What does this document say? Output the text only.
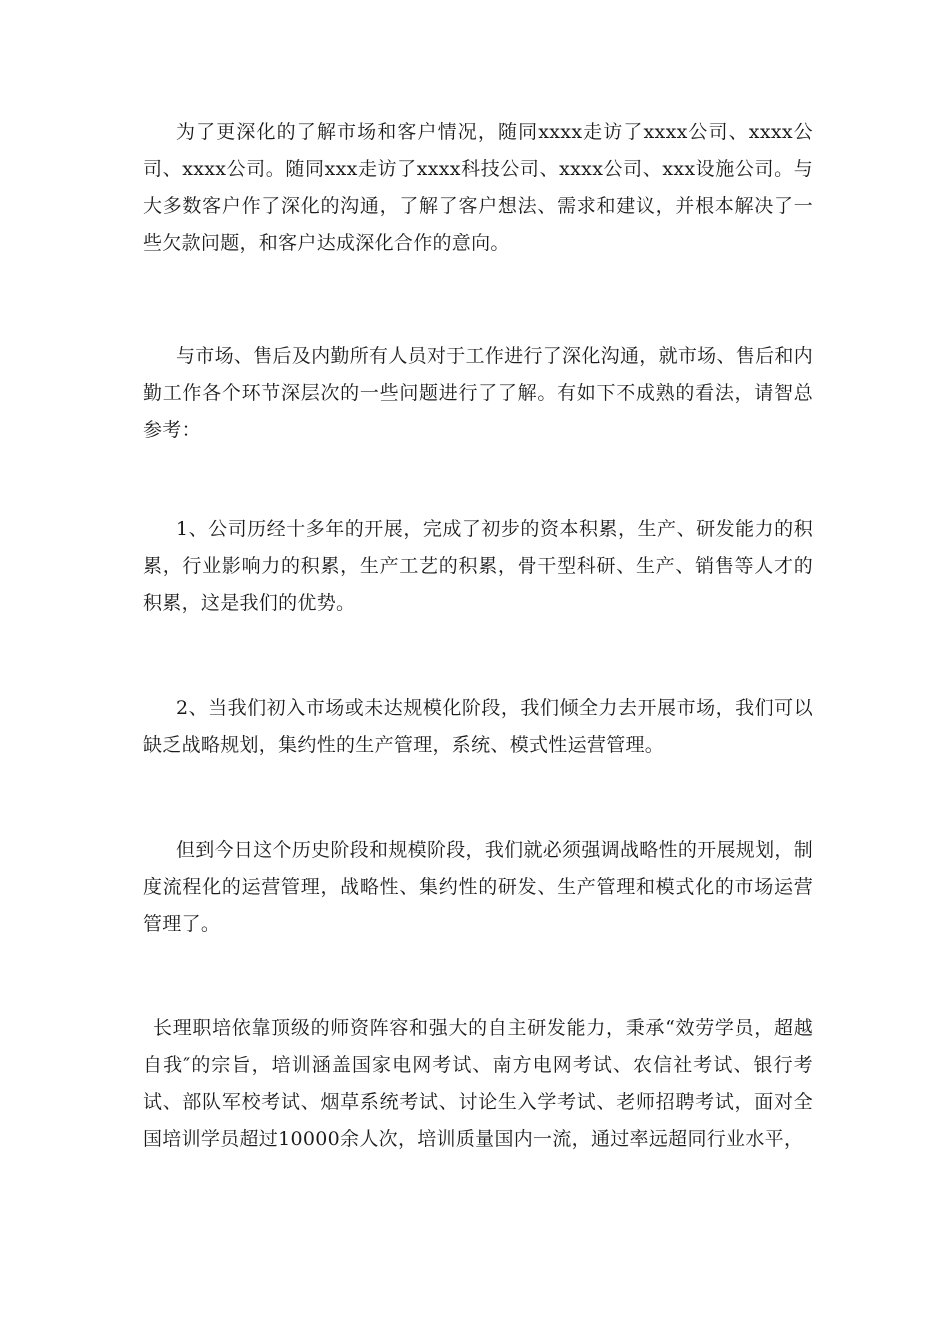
为了更深化的了解市场和客户情况，随同xxxx走访了xxxx公司、xxxx公司、xxxx公司。随同xxx走访了xxxx科技公司、xxxx公司、xxx设施公司。与大多数客户作了深化的沟通，了解了客户想法、需求和建议，并根本解决了一些欠款问题，和客户达成深化合作的意向。

与市场、售后及内勤所有人员对于工作进行了深化沟通，就市场、售后和内勤工作各个环节深层次的一些问题进行了了解。有如下不成熟的看法，请智总参考：

1、公司历经十多年的开展，完成了初步的资本积累，生产、研发能力的积累，行业影响力的积累，生产工艺的积累，骨干型科研、生产、销售等人才的积累，这是我们的优势。

2、当我们初入市场或未达规模化阶段，我们倾全力去开展市场，我们可以缺乏战略规划，集约性的生产管理，系统、模式性运营管理。

但到今日这个历史阶段和规模阶段，我们就必须强调战略性的开展规划，制度流程化的运营管理，战略性、集约性的研发、生产管理和模式化的市场运营管理了。

长理职培依靠顶级的师资阵容和强大的自主研发能力，秉承“效劳学员，超越自我″的宗旨，培训涵盖国家电网考试、南方电网考试、农信社考试、银行考试、部队军校考试、烟草系统考试、讨论生入学考试、老师招聘考试，面对全国培训学员超过10000余人次，培训质量国内一流，通过率远超同行业水平，
